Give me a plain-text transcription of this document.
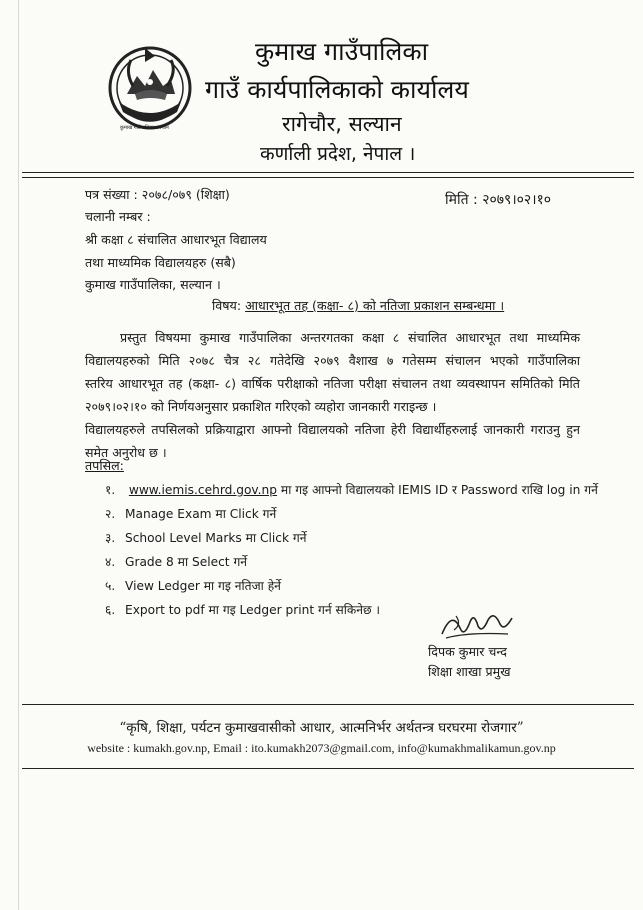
कुमाख गाउँपालिका सल्यान
कुमाख गाउँपालिका
गाउँ कार्यपालिकाको कार्यालय
रागेचौर, सल्यान
कर्णाली प्रदेश, नेपाल ।
पत्र संख्या : २०७८/०७९ (शिक्षा)	मिति : २०७९।०२।१०
चलानी नम्बर :
श्री कक्षा ८ संचालित आधारभूत विद्यालय
तथा माध्यमिक विद्यालयहरु (सबै)
कुमाख गाउँपालिका, सल्यान ।
विषय: आधारभूत तह (कक्षा- ८) को नतिजा प्रकाशन सम्बन्धमा ।
प्रस्तुत विषयमा कुमाख गाउँपालिका अन्तरगतका कक्षा ८ संचालित आधारभूत तथा माध्यमिक
विद्यालयहरुको मिति २०७८ चैत्र २८ गतेदेखि २०७९ वैशाख ७ गतेसम्म संचालन भएको गाउँपालिका
स्तरिय आधारभूत तह (कक्षा- ८) वार्षिक परीक्षाको नतिजा परीक्षा संचालन तथा व्यवस्थापन समितिको मिति
२०७९।०२।१० को निर्णयअनुसार प्रकाशित गरिएको व्यहोरा जानकारी गराइन्छ ।
विद्यालयहरुले तपसिलको प्रक्रियाद्वारा आफ्नो विद्यालयको नतिजा हेरी विद्यार्थीहरुलाई जानकारी गराउनु हुन
समेत अनुरोध छ ।
तपसिल:
१. www.iemis.cehrd.gov.np मा गइ आफ्नो विद्यालयको IEMIS ID र Password राखि log in गर्ने
२. Manage Exam मा Click गर्ने
३. School Level Marks मा Click गर्ने
४. Grade 8 मा Select गर्ने
५. View Ledger मा गइ नतिजा हेर्ने
६. Export to pdf मा गइ Ledger print गर्न सकिनेछ ।
दिपक कुमार चन्द
शिक्षा शाखा प्रमुख
“कृषि, शिक्षा, पर्यटन कुमाखवासीको आधार, आत्मनिर्भर अर्थतन्त्र घरघरमा रोजगार”
website : kumakh.gov.np, Email : ito.kumakh2073@gmail.com, info@kumakhmalikamun.gov.np
